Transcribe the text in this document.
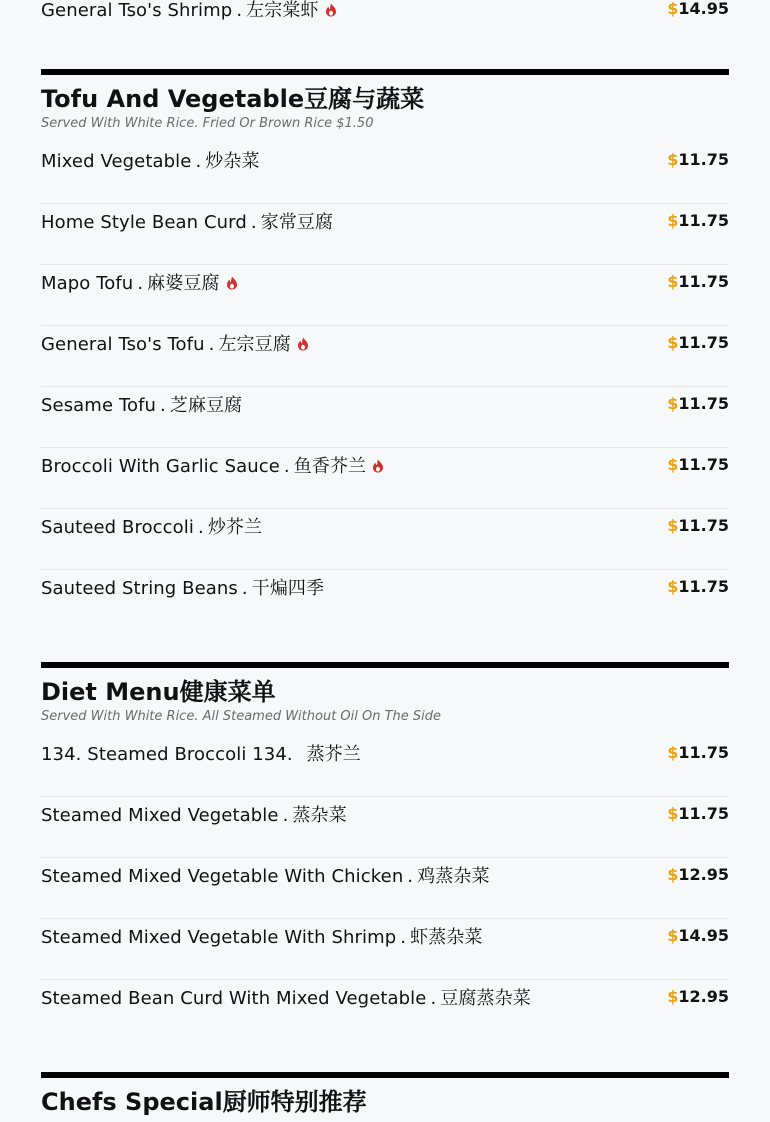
General Tso's Shrimp . 左宗棠虾	$14.95
Tofu And Vegetable豆腐与蔬菜
Served With White Rice. Fried Or Brown Rice $1.50
Mixed Vegetable . 炒杂菜	$11.75
Home Style Bean Curd . 家常豆腐	$11.75
Mapo Tofu . 麻婆豆腐	$11.75
General Tso's Tofu . 左宗豆腐	$11.75
Sesame Tofu . 芝麻豆腐	$11.75
Broccoli With Garlic Sauce . 鱼香芥兰	$11.75
Sauteed Broccoli . 炒芥兰	$11.75
Sauteed String Beans . 干煸四季	$11.75
Diet Menu健康菜单
Served With White Rice. All Steamed Without Oil On The Side
134. Steamed Broccoli 134. 蒸芥兰	$11.75
Steamed Mixed Vegetable . 蒸杂菜	$11.75
Steamed Mixed Vegetable With Chicken . 鸡蒸杂菜	$12.95
Steamed Mixed Vegetable With Shrimp . 虾蒸杂菜	$14.95
Steamed Bean Curd With Mixed Vegetable . 豆腐蒸杂菜	$12.95
Chefs Special厨师特别推荐
